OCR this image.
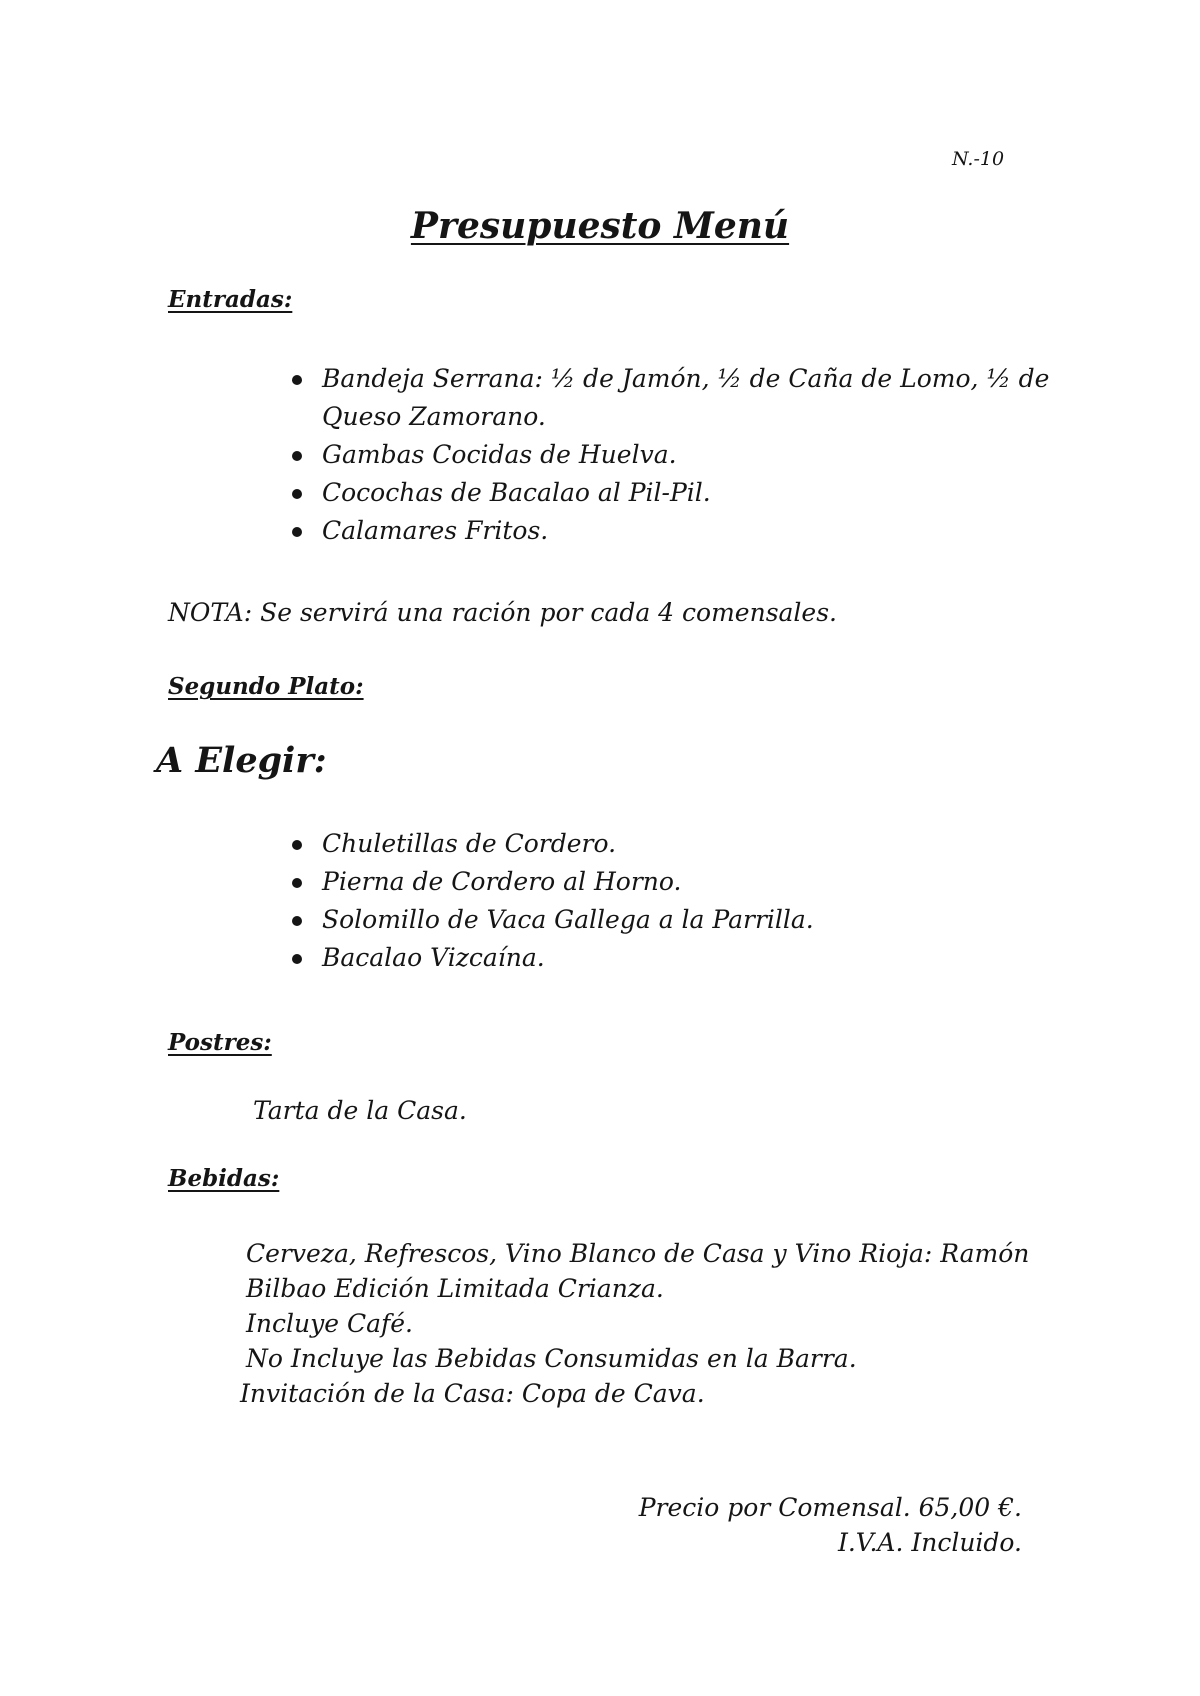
N.-10
Presupuesto Menú
Entradas:
Bandeja Serrana: ½ de Jamón, ½ de Caña de Lomo, ½ de
Queso Zamorano.
Gambas Cocidas de Huelva.
Cocochas de Bacalao al Pil-Pil.
Calamares Fritos.
NOTA: Se servirá una ración por cada 4 comensales.
Segundo Plato:
A Elegir:
Chuletillas de Cordero.
Pierna de Cordero al Horno.
Solomillo de Vaca Gallega a la Parrilla.
Bacalao Vizcaína.
Postres:
Tarta de la Casa.
Bebidas:
Cerveza, Refrescos, Vino Blanco de Casa y Vino Rioja: Ramón
Bilbao Edición Limitada Crianza.
Incluye Café.
No Incluye las Bebidas Consumidas en la Barra.
Invitación de la Casa: Copa de Cava.
Precio por Comensal. 65,00 €.
I.V.A. Incluido.
